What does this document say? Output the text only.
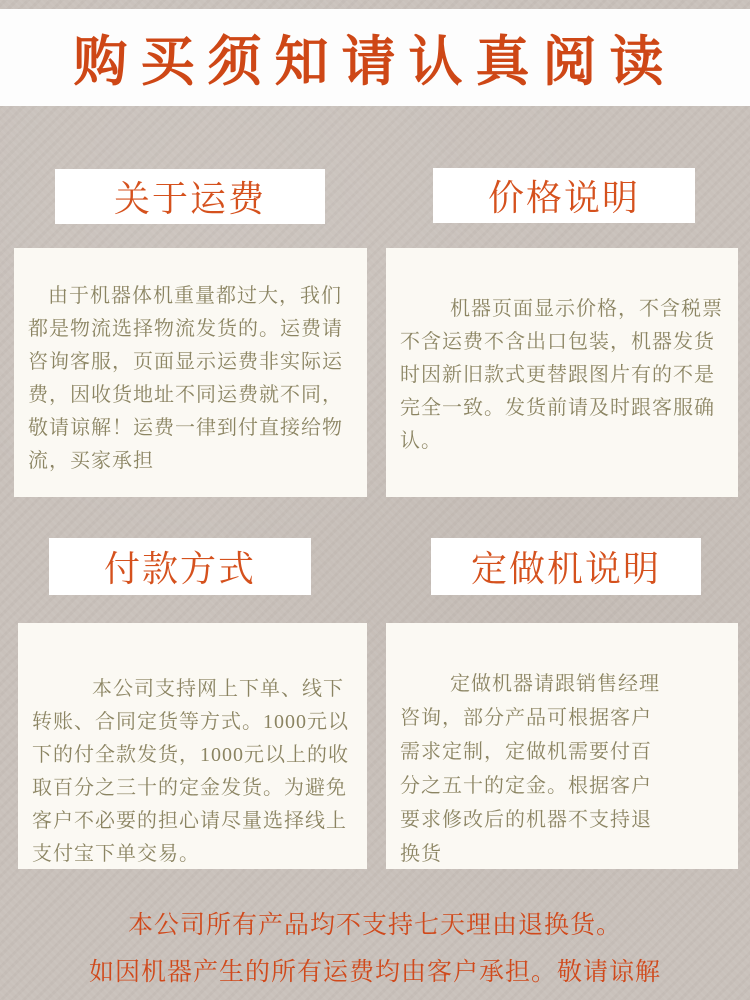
购买须知请认真阅读
关于运费	价格说明

由于机器体机重量都过大，我们都是物流选择物流发货的。运费请咨询客服，页面显示运费非实际运费，因收货地址不同运费就不同，敬请谅解！运费一律到付直接给物流，买家承担

机器页面显示价格，不含税票不含运费不含出口包装，机器发货时因新旧款式更替跟图片有的不是完全一致。发货前请及时跟客服确认。

付款方式	定做机说明

本公司支持网上下单、线下转账、合同定货等方式。1000元以下的付全款发货，1000元以上的收取百分之三十的定金发货。为避免客户不必要的担心请尽量选择线上支付宝下单交易。

定做机器请跟销售经理咨询，部分产品可根据客户需求定制，定做机需要付百分之五十的定金。根据客户要求修改后的机器不支持退换货

本公司所有产品均不支持七天理由退换货。
如因机器产生的所有运费均由客户承担。敬请谅解
